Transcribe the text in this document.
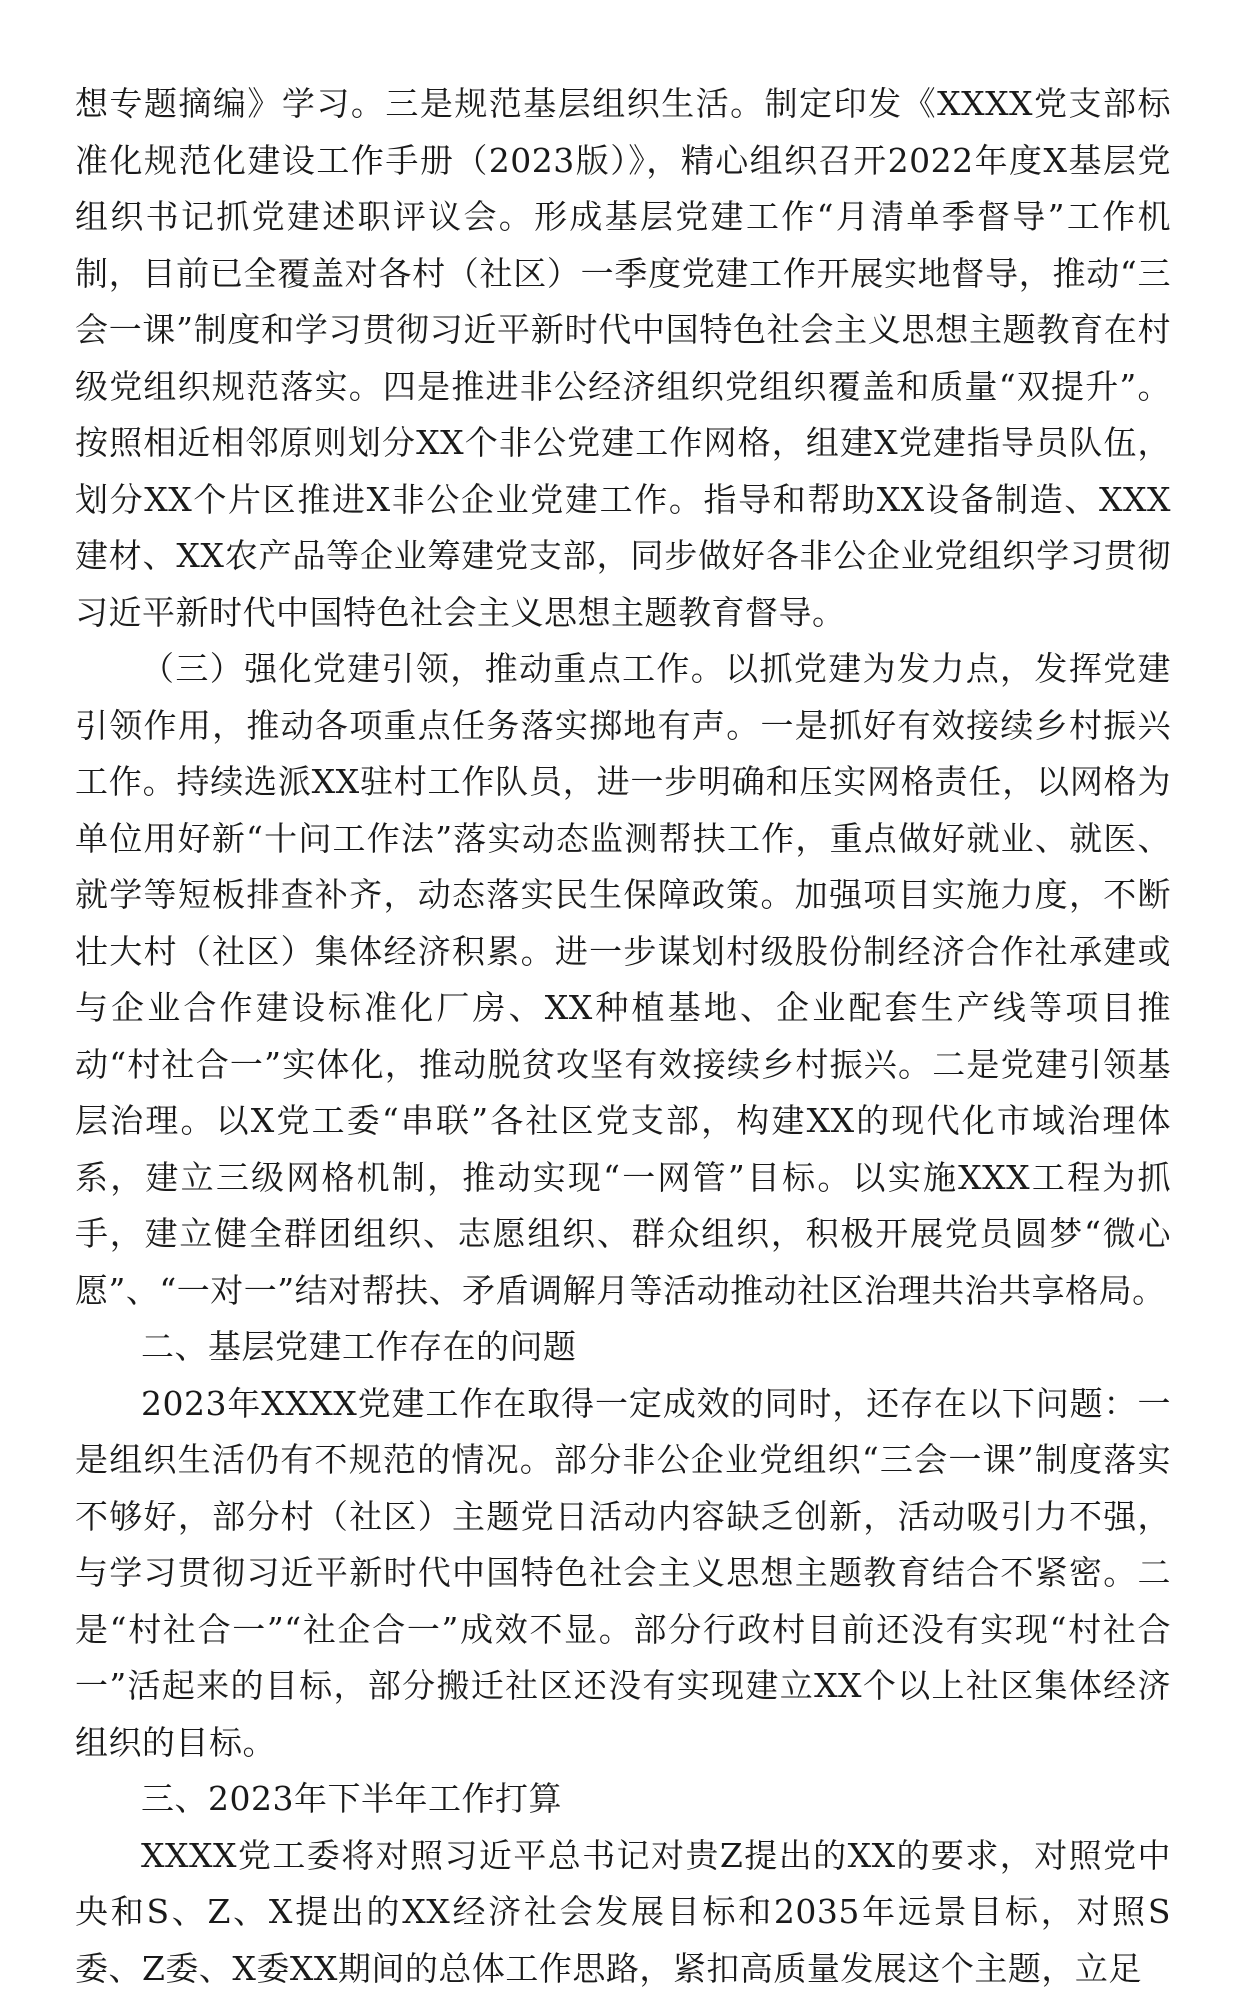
想专题摘编》学习。三是规范基层组织生活。制定印发《XXXX党支部标准化规范化建设工作手册（2023版）》，精心组织召开2022年度X基层党组织书记抓党建述职评议会。形成基层党建工作“月清单季督导”工作机制，目前已全覆盖对各村（社区）一季度党建工作开展实地督导，推动“三会一课”制度和学习贯彻习近平新时代中国特色社会主义思想主题教育在村级党组织规范落实。四是推进非公经济组织党组织覆盖和质量“双提升”。按照相近相邻原则划分XX个非公党建工作网格，组建X党建指导员队伍，划分XX个片区推进X非公企业党建工作。指导和帮助XX设备制造、XXX建材、XX农产品等企业筹建党支部，同步做好各非公企业党组织学习贯彻习近平新时代中国特色社会主义思想主题教育督导。

（三）强化党建引领，推动重点工作。以抓党建为发力点，发挥党建引领作用，推动各项重点任务落实掷地有声。一是抓好有效接续乡村振兴工作。持续选派XX驻村工作队员，进一步明确和压实网格责任，以网格为单位用好新“十问工作法”落实动态监测帮扶工作，重点做好就业、就医、就学等短板排查补齐，动态落实民生保障政策。加强项目实施力度，不断壮大村（社区）集体经济积累。进一步谋划村级股份制经济合作社承建或与企业合作建设标准化厂房、XX种植基地、企业配套生产线等项目推动“村社合一”实体化，推动脱贫攻坚有效接续乡村振兴。二是党建引领基层治理。以X党工委“串联”各社区党支部，构建XX的现代化市域治理体系，建立三级网格机制，推动实现“一网管”目标。以实施XXX工程为抓手，建立健全群团组织、志愿组织、群众组织，积极开展党员圆梦“微心愿”、“一对一”结对帮扶、矛盾调解月等活动推动社区治理共治共享格局。

二、基层党建工作存在的问题

2023年XXXX党建工作在取得一定成效的同时，还存在以下问题：一是组织生活仍有不规范的情况。部分非公企业党组织“三会一课”制度落实不够好，部分村（社区）主题党日活动内容缺乏创新，活动吸引力不强，与学习贯彻习近平新时代中国特色社会主义思想主题教育结合不紧密。二是“村社合一”“社企合一”成效不显。部分行政村目前还没有实现“村社合一”活起来的目标，部分搬迁社区还没有实现建立XX个以上社区集体经济组织的目标。

三、2023年下半年工作打算

XXXX党工委将对照习近平总书记对贵Z提出的XX的要求，对照党中央和S、Z、X提出的XX经济社会发展目标和2035年远景目标，对照S委、Z委、X委XX期间的总体工作思路，紧扣高质量发展这个主题，立足
